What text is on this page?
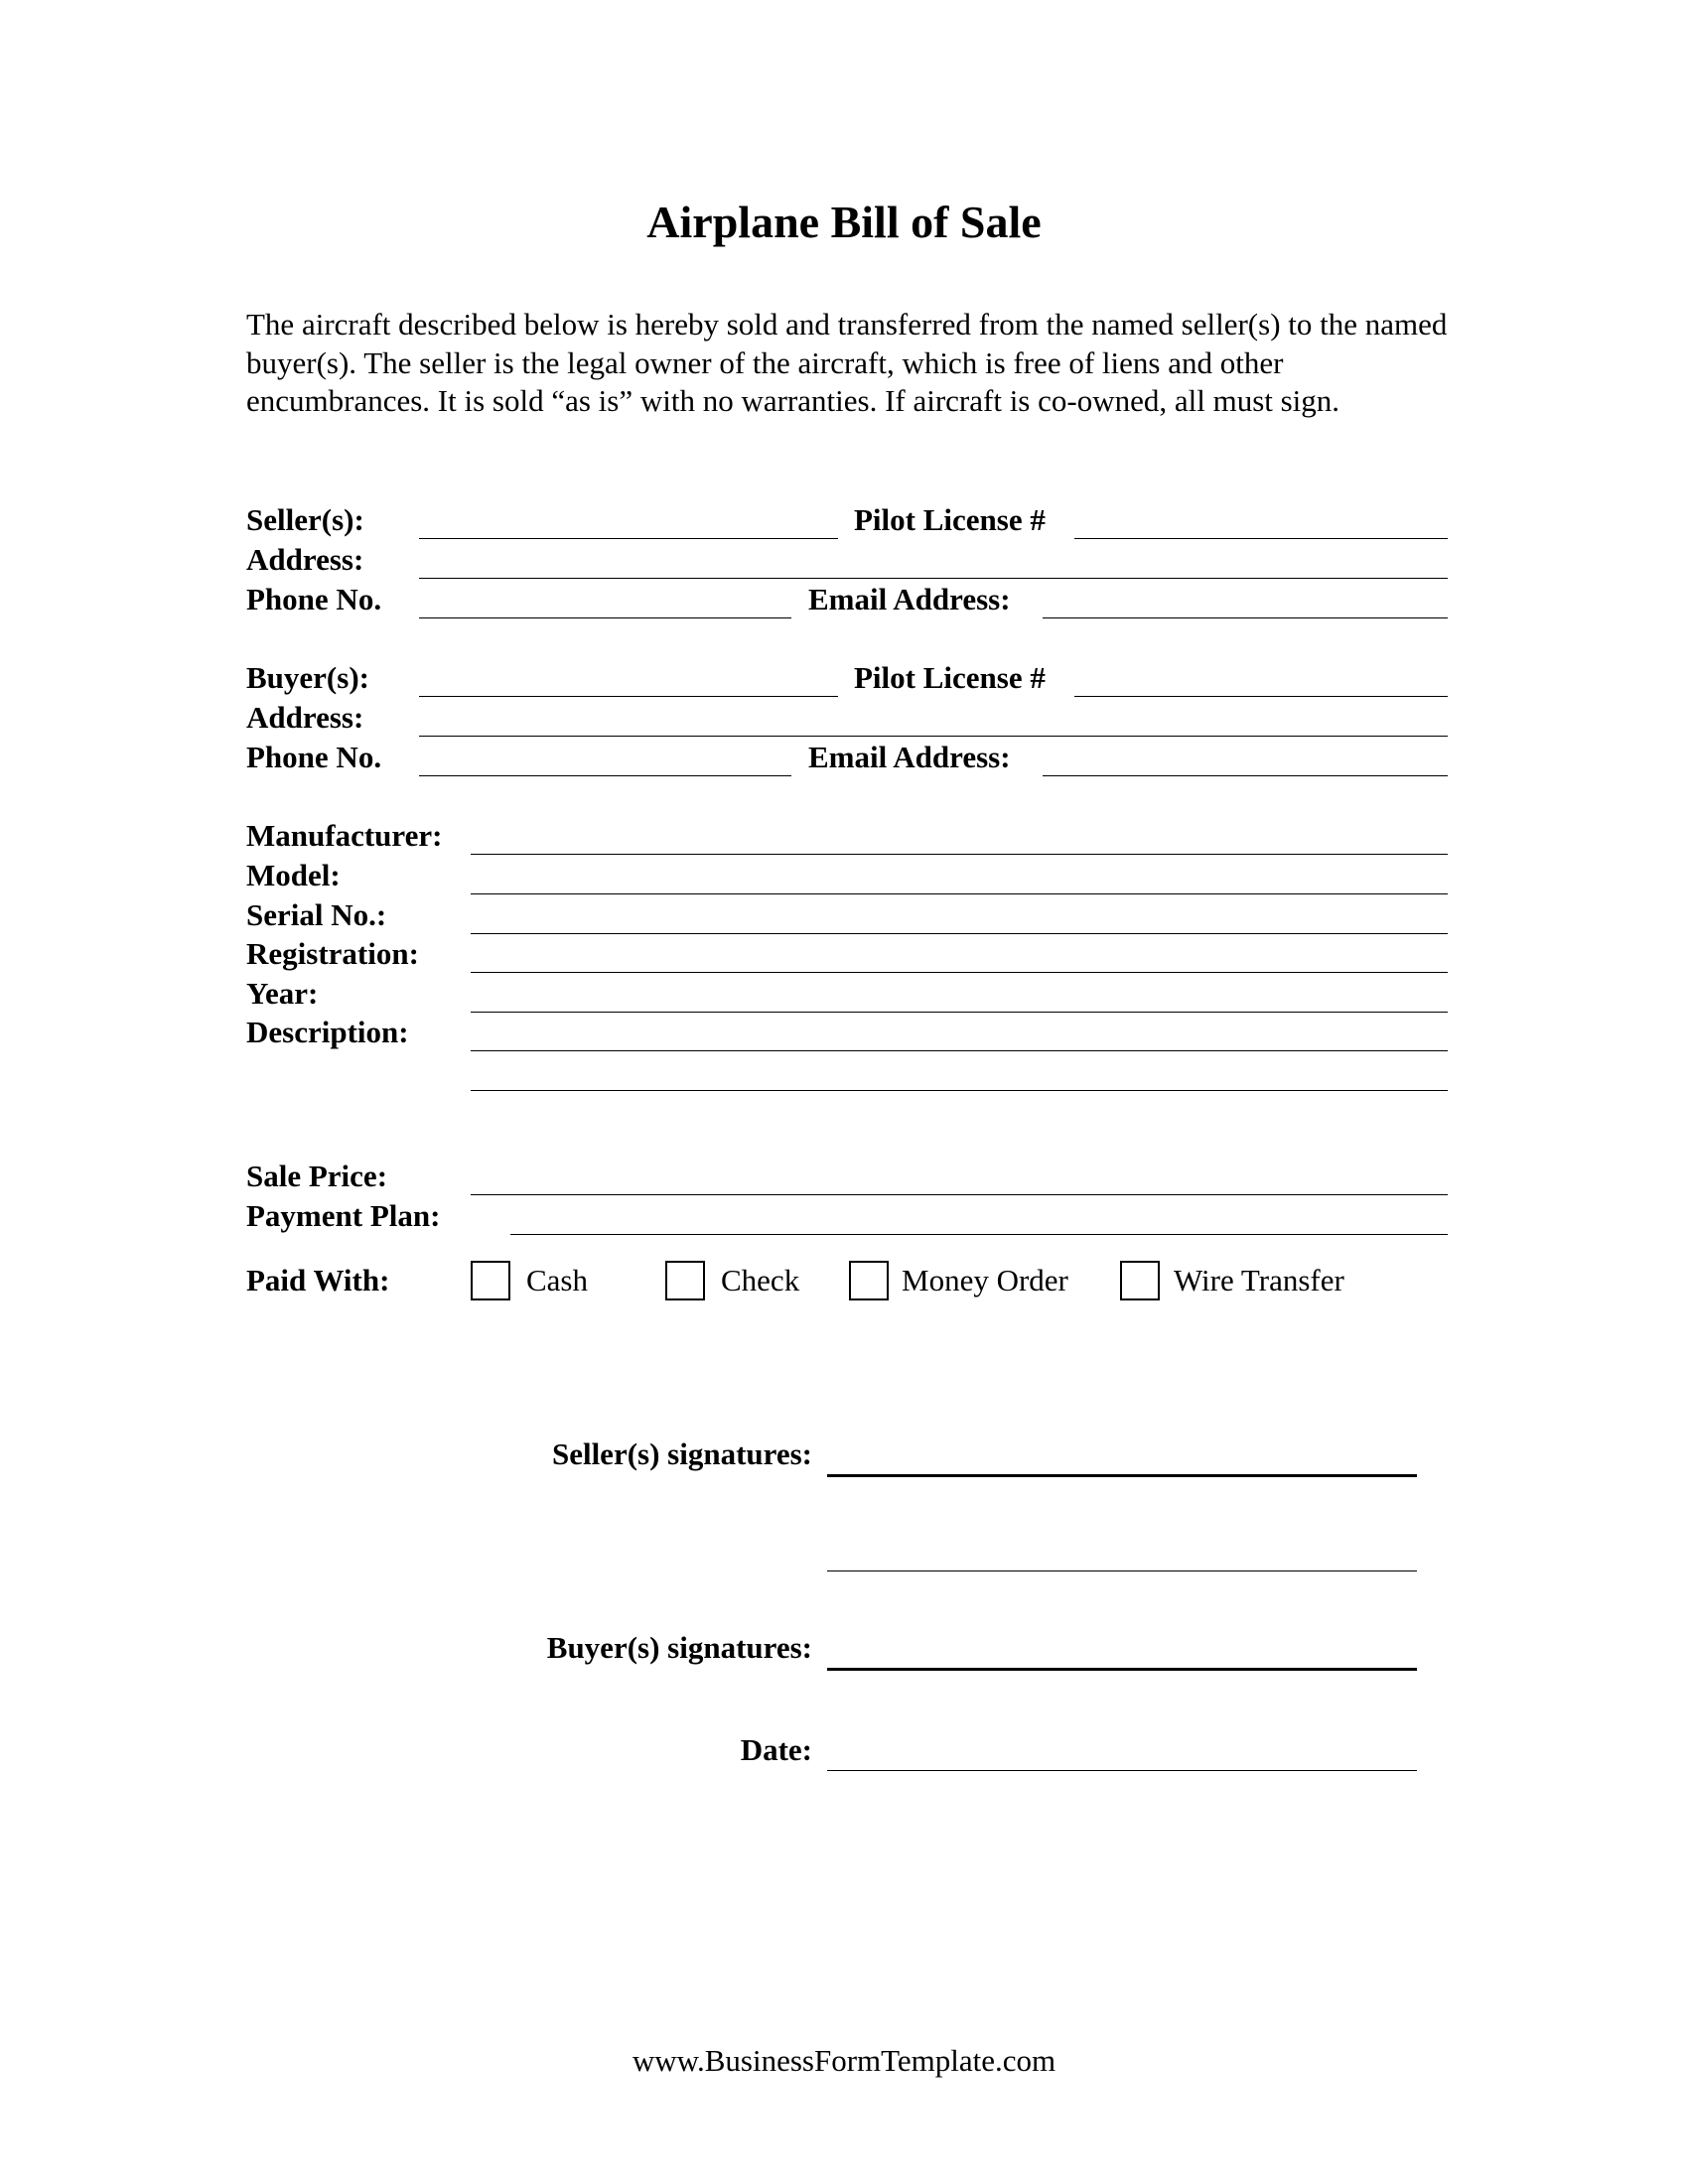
Airplane Bill of Sale

The aircraft described below is hereby sold and transferred from the named seller(s) to the named buyer(s). The seller is the legal owner of the aircraft, which is free of liens and other encumbrances. It is sold “as is” with no warranties. If aircraft is co-owned, all must sign.

Seller(s):	Pilot License #
Address:
Phone No.	Email Address:
Buyer(s):	Pilot License #
Address:
Phone No.	Email Address:
Manufacturer:
Model:
Serial No.:
Registration:
Year:
Description:
Sale Price:
Payment Plan:
Paid With:	Cash	Check	Money Order	Wire Transfer
Seller(s) signatures:
Buyer(s) signatures:
Date:
www.BusinessFormTemplate.com
